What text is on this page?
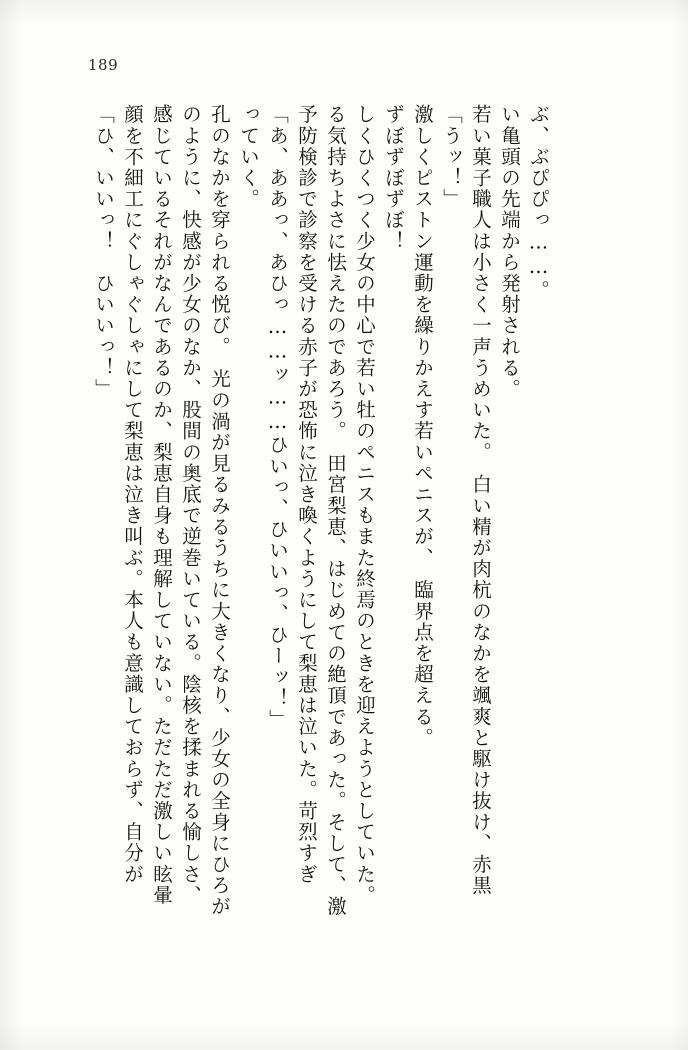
189
「ひ、いいっ！　ひいいっ！」 顔を不細工にぐしゃぐしゃにして梨恵は泣き叫ぶ。本人も意識しておらず、自分が 感じているそれがなんであるのか、梨恵自身も理解していない。ただただ激しい眩暈 のように、快感が少女のなか、股間の奥底で逆巻いている。陰核を揉まれる愉しさ、 孔のなかを穿られる悦び。　光の渦が見るみるうちに大きくなり、少女の全身にひろが っていく。 「あ、ああっ、あひっ……ッ……ひいっ、ひいいっ、ひーッ！」 予防検診で診察を受ける赤子が恐怖に泣き喚くようにして梨恵は泣いた。苛烈すぎ る気持ちよさに怯えたのであろう。　田宮梨恵、はじめての絶頂であった。そして、激 しくひくつく少女の中心で若い牡のペニスもまた終焉のときを迎えようとしていた。 ずぼずぼずぼ！ 激しくピストン運動を繰りかえす若いペニスが、　臨界点を超える。 「うッ！」 若い菓子職人は小さく一声うめいた。　白い精が肉杭のなかを颯爽と駆け抜け、赤黒 い亀頭の先端から発射される。 ぶ、ぶぴぴっ……。
